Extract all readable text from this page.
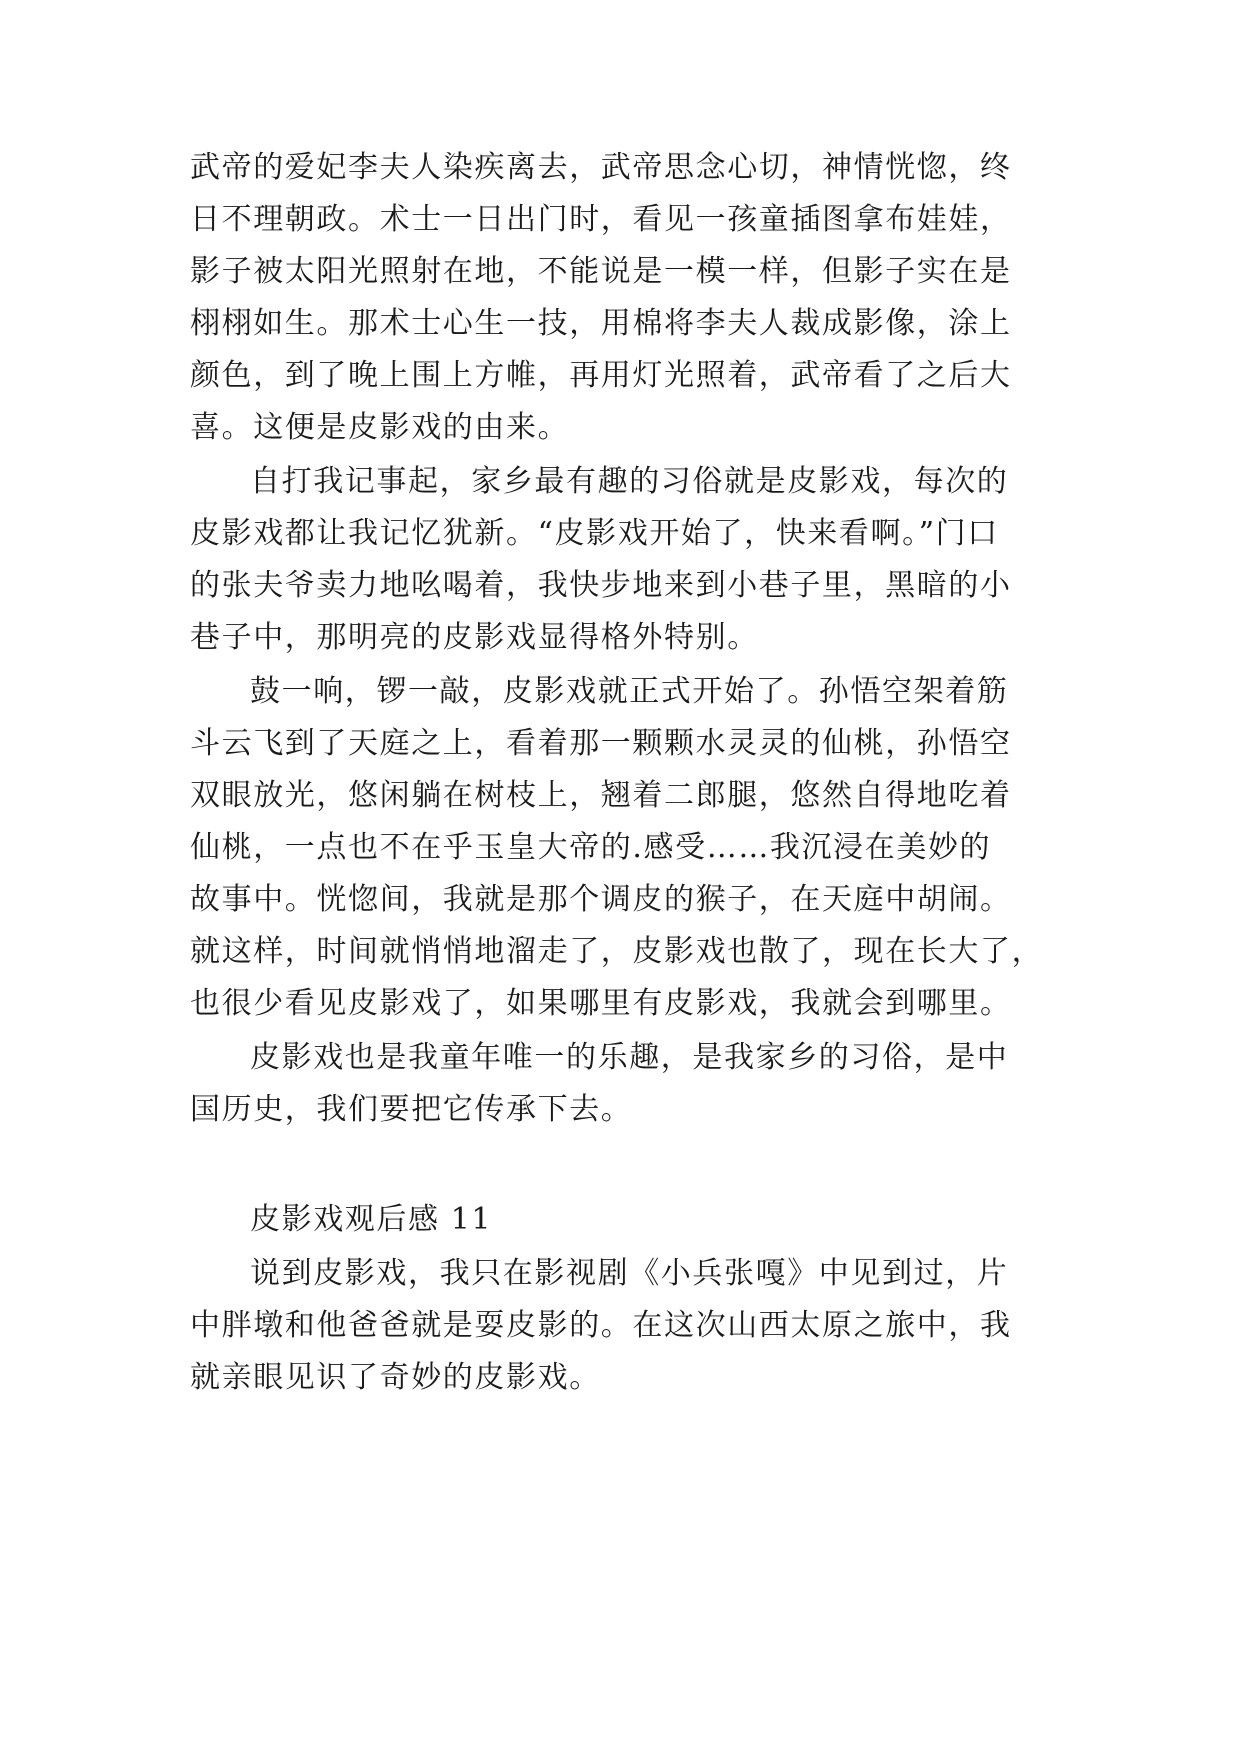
武帝的爱妃李夫人染疾离去，武帝思念心切，神情恍惚，终
日不理朝政。术士一日出门时，看见一孩童插图拿布娃娃，
影子被太阳光照射在地，不能说是一模一样，但影子实在是
栩栩如生。那术士心生一技，用棉将李夫人裁成影像，涂上
颜色，到了晚上围上方帷，再用灯光照着，武帝看了之后大
喜。这便是皮影戏的由来。
自打我记事起，家乡最有趣的习俗就是皮影戏，每次的
皮影戏都让我记忆犹新。“皮影戏开始了，快来看啊。”门口
的张夫爷卖力地吆喝着，我快步地来到小巷子里，黑暗的小
巷子中，那明亮的皮影戏显得格外特别。
鼓一响，锣一敲，皮影戏就正式开始了。孙悟空架着筋
斗云飞到了天庭之上，看着那一颗颗水灵灵的仙桃，孙悟空
双眼放光，悠闲躺在树枝上，翘着二郎腿，悠然自得地吃着
仙桃，一点也不在乎玉皇大帝的.感受……我沉浸在美妙的
故事中。恍惚间，我就是那个调皮的猴子，在天庭中胡闹。
就这样，时间就悄悄地溜走了，皮影戏也散了，现在长大了，
也很少看见皮影戏了，如果哪里有皮影戏，我就会到哪里。
皮影戏也是我童年唯一的乐趣，是我家乡的习俗，是中
国历史，我们要把它传承下去。
皮影戏观后感 11
说到皮影戏，我只在影视剧《小兵张嘎》中见到过，片
中胖墩和他爸爸就是耍皮影的。在这次山西太原之旅中，我
就亲眼见识了奇妙的皮影戏。
